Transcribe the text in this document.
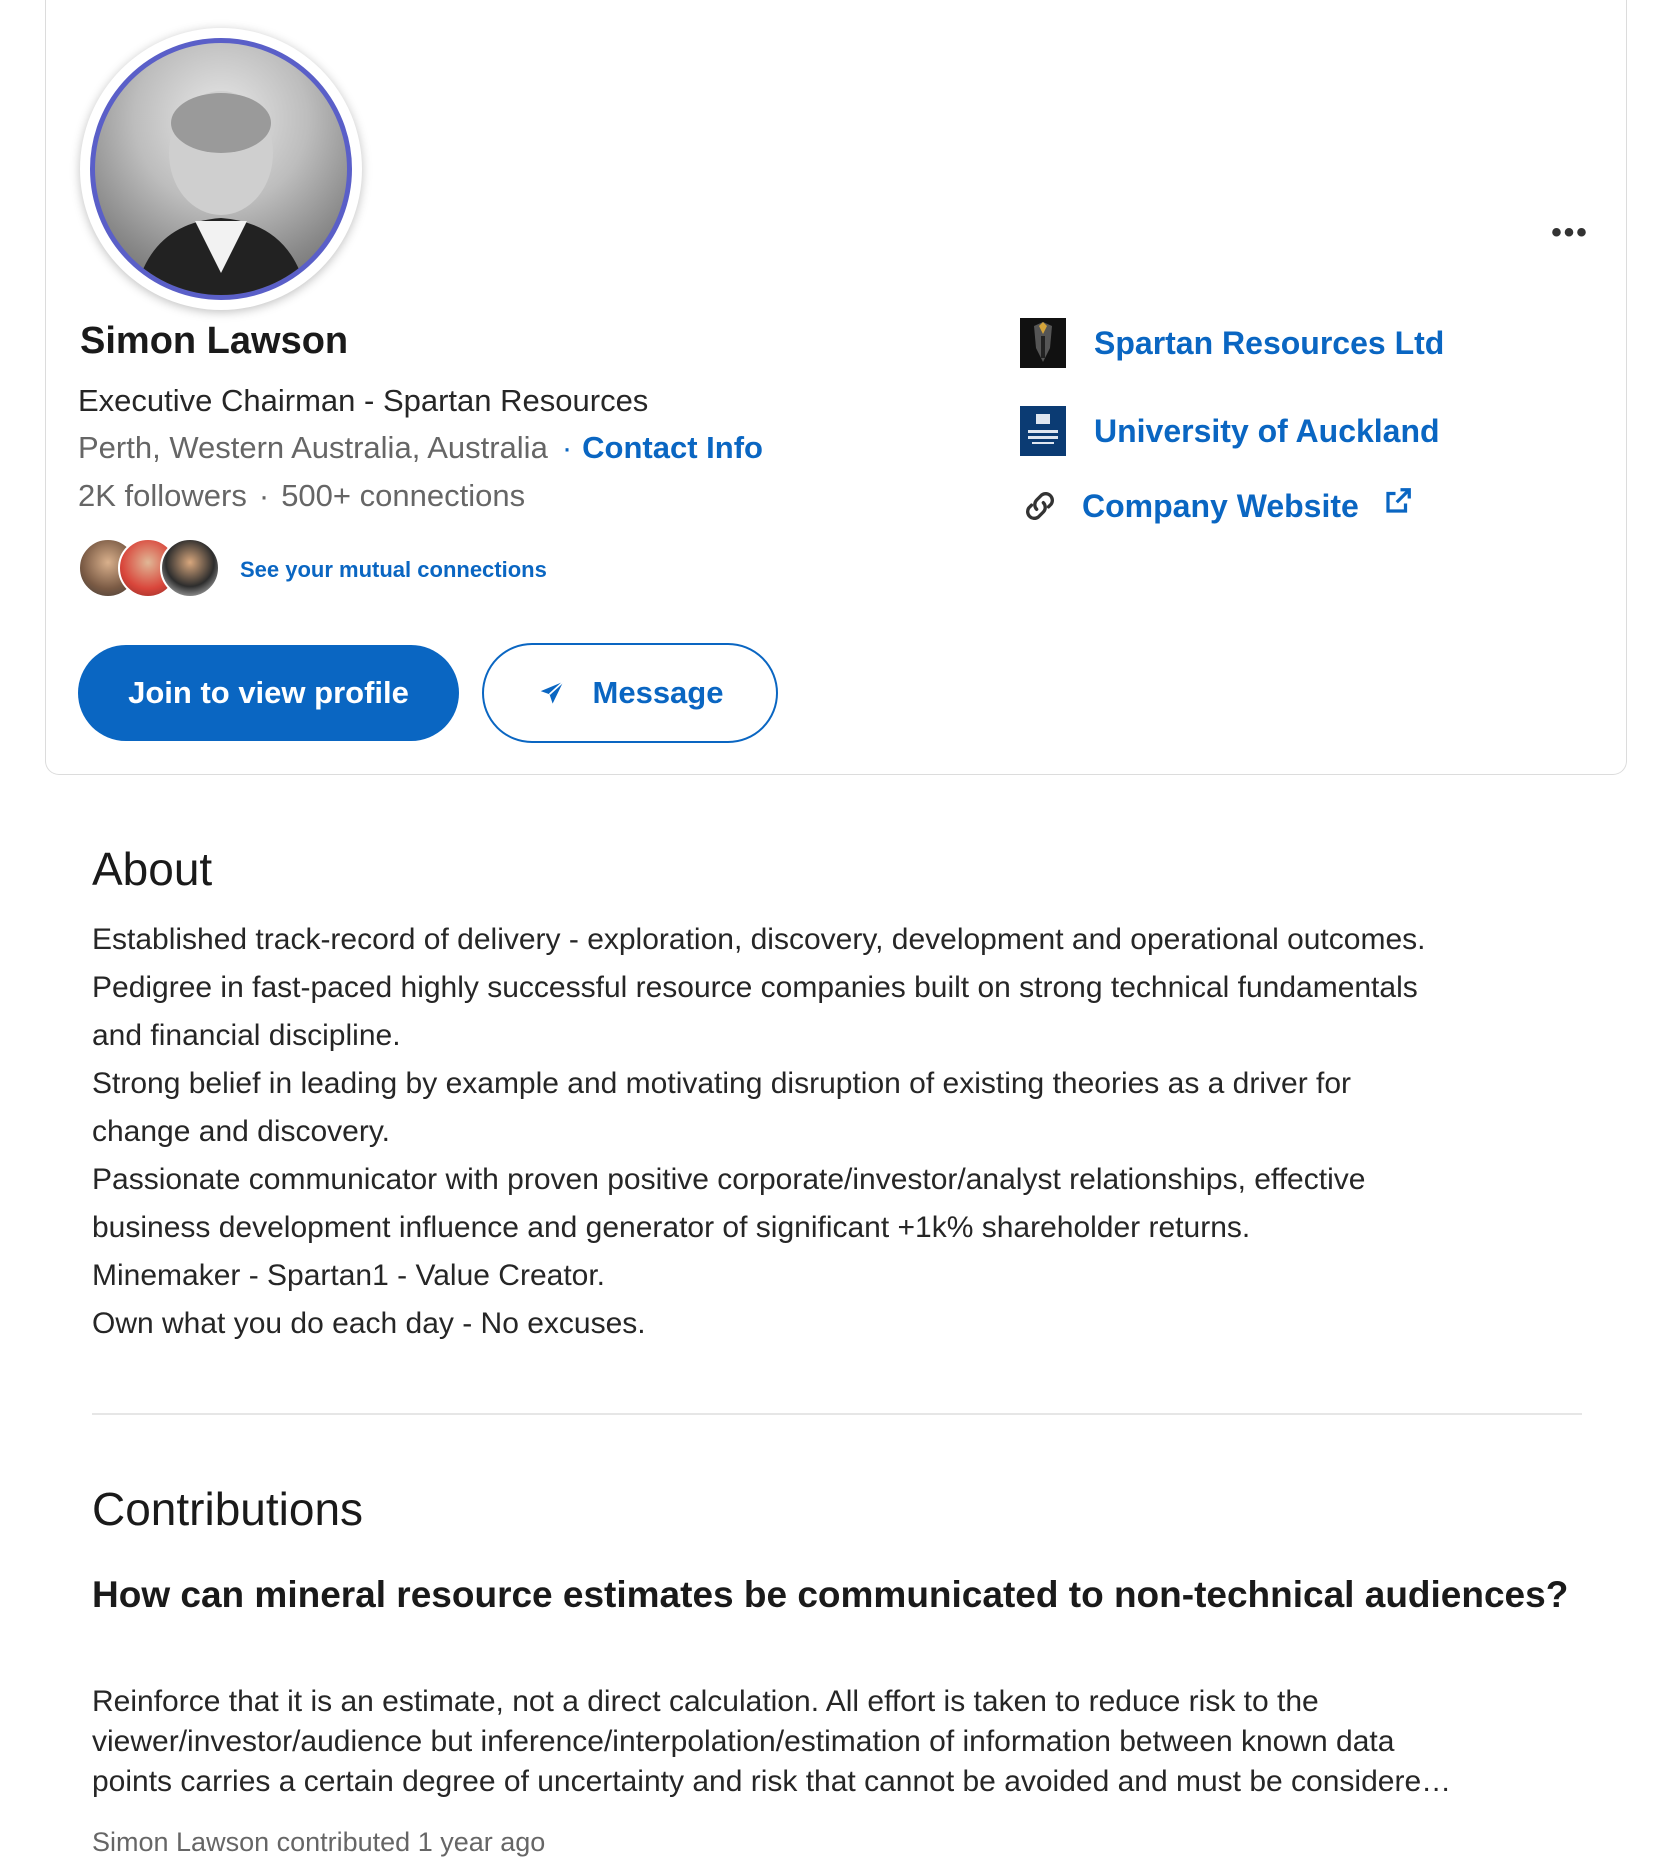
•••
Simon Lawson
Executive Chairman - Spartan Resources
Perth, Western Australia, Australia · Contact Info
2K followers · 500+ connections
See your mutual connections
Join to view profile	Message
Spartan Resources Ltd
University of Auckland
Company Website
About
Established track-record of delivery - exploration, discovery, development and operational outcomes.
Pedigree in fast-paced highly successful resource companies built on strong technical fundamentals
and financial discipline.
Strong belief in leading by example and motivating disruption of existing theories as a driver for
change and discovery.
Passionate communicator with proven positive corporate/investor/analyst relationships, effective
business development influence and generator of significant +1k% shareholder returns.
Minemaker - Spartan1 - Value Creator.
Own what you do each day - No excuses.
Contributions
How can mineral resource estimates be communicated to non-technical audiences?
Reinforce that it is an estimate, not a direct calculation. All effort is taken to reduce risk to the
viewer/investor/audience but inference/interpolation/estimation of information between known data
points carries a certain degree of uncertainty and risk that cannot be avoided and must be considere…
Simon Lawson contributed 1 year ago
